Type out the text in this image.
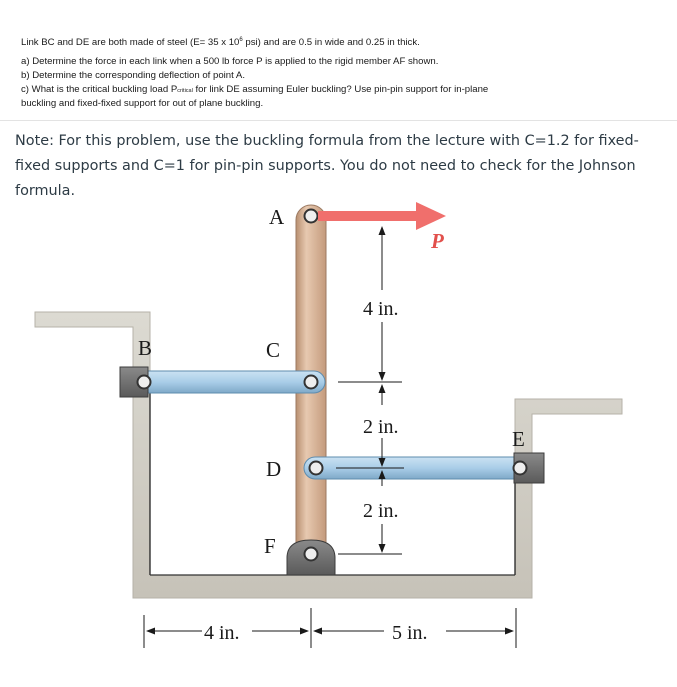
Link BC and DE are both made of steel (E= 35 x $10^6$ psi) and are 0.5 in wide and 0.25 in thick.

a) Determine the force in each link when a 500 lb force P is applied to the rigid member AF shown.

b) Determine the corresponding deflection of point A.

c) What is the critical buckling load Pcritical for link DE assuming Euler buckling? Use pin-pin support for in-plane

buckling and fixed-fixed support for out of plane buckling.

Note: For this problem, use the buckling formula from the lecture with C=1.2 for fixed-fixed supports and C=1 for pin-pin supports. You do not need to check for the Johnson formula.
A
P
B	C
D
E
F
4 in.
2 in.
2 in.
4 in.	5 in.
